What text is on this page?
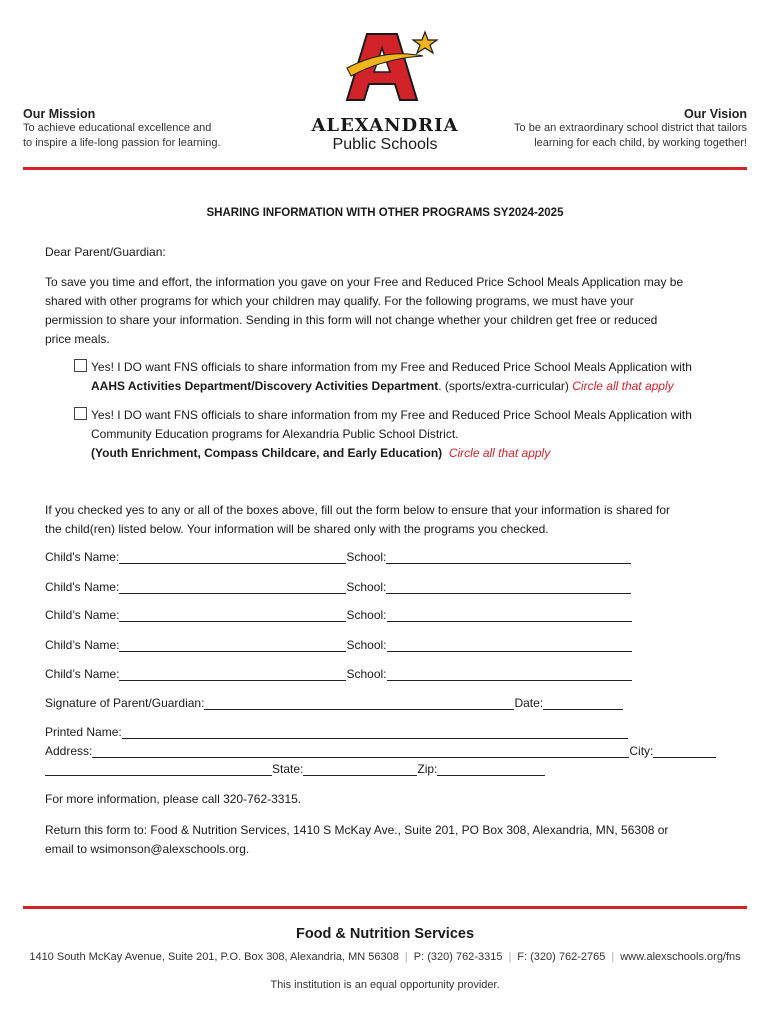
Our Mission
To achieve educational excellence and
to inspire a life-long passion for learning.
ALEXANDRIA
Public Schools
Our Vision
To be an extraordinary school district that tailors
learning for each child, by working together!
SHARING INFORMATION WITH OTHER PROGRAMS SY2024-2025
Dear Parent/Guardian:
To save you time and effort, the information you gave on your Free and Reduced Price School Meals Application may be
shared with other programs for which your children may qualify. For the following programs, we must have your
permission to share your information. Sending in this form will not change whether your children get free or reduced
price meals.
Yes! I DO want FNS officials to share information from my Free and Reduced Price School Meals Application with
AAHS Activities Department/Discovery Activities Department. (sports/extra-curricular) Circle all that apply
Yes! I DO want FNS officials to share information from my Free and Reduced Price School Meals Application with
Community Education programs for Alexandria Public School District.
(Youth Enrichment, Compass Childcare, and Early Education) Circle all that apply
If you checked yes to any or all of the boxes above, fill out the form below to ensure that your information is shared for
the child(ren) listed below. Your information will be shared only with the programs you checked.
Child's Name:	School:
Child's Name:	School:
Child’s Name:	School:
Child’s Name:	School:
Child’s Name:	School:
Signature of Parent/Guardian:	Date:
Printed Name:
Address:	City:
State:	Zip:
For more information, please call 320-762-3315.
Return this form to: Food & Nutrition Services, 1410 S McKay Ave., Suite 201, PO Box 308, Alexandria, MN, 56308 or
email to wsimonson@alexschools.org.
Food & Nutrition Services
1410 South McKay Avenue, Suite 201, P.O. Box 308, Alexandria, MN 56308 | P: (320) 762-3315 | F: (320) 762-2765 | www.alexschools.org/fns
This institution is an equal opportunity provider.
